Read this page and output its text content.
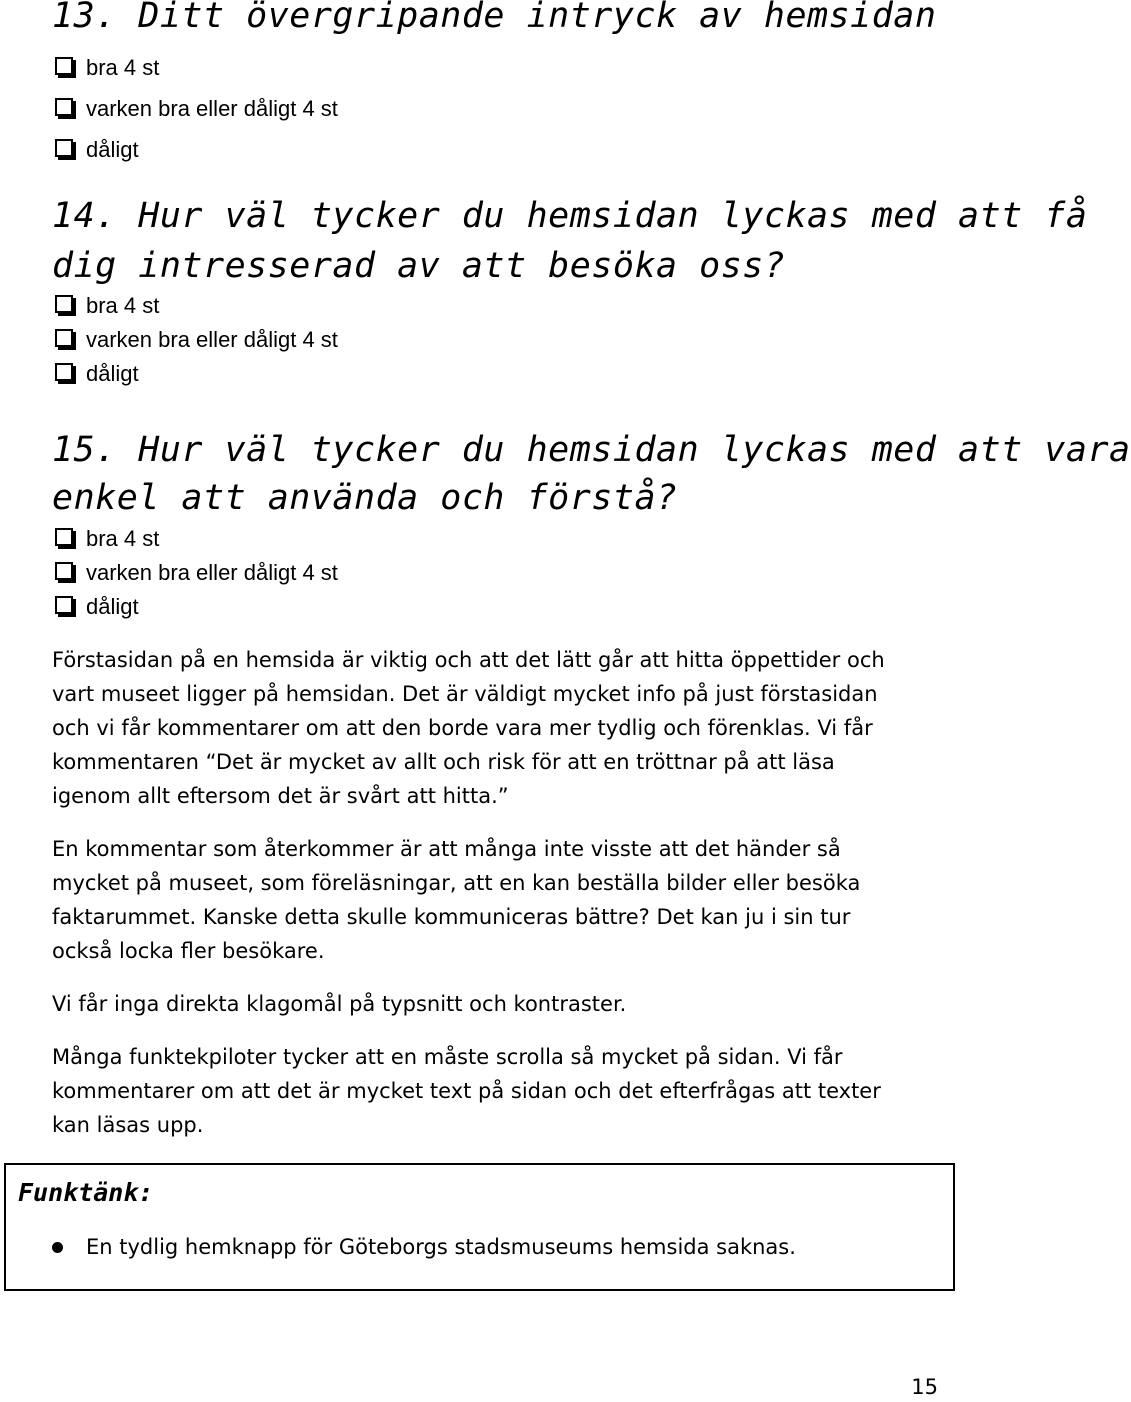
13. Ditt övergripande intryck av hemsidan
bra 4 st
varken bra eller dåligt 4 st
dåligt
14. Hur väl tycker du hemsidan lyckas med att få
dig intresserad av att besöka oss?
bra 4 st
varken bra eller dåligt 4 st
dåligt
15. Hur väl tycker du hemsidan lyckas med att vara
enkel att använda och förstå?
bra 4 st
varken bra eller dåligt 4 st
dåligt

Förstasidan på en hemsida är viktig och att det lätt går att hitta öppettider och
vart museet ligger på hemsidan. Det är väldigt mycket info på just förstasidan
och vi får kommentarer om att den borde vara mer tydlig och förenklas. Vi får
kommentaren “Det är mycket av allt och risk för att en tröttnar på att läsa
igenom allt eftersom det är svårt att hitta.”

En kommentar som återkommer är att många inte visste att det händer så
mycket på museet, som föreläsningar, att en kan beställa bilder eller besöka
faktarummet. Kanske detta skulle kommuniceras bättre? Det kan ju i sin tur
också locka fler besökare.

Vi får inga direkta klagomål på typsnitt och kontraster.

Många funktekpiloter tycker att en måste scrolla så mycket på sidan. Vi får
kommentarer om att det är mycket text på sidan och det efterfrågas att texter
kan läsas upp.

Funktänk:
En tydlig hemknapp för Göteborgs stadsmuseums hemsida saknas.
15
